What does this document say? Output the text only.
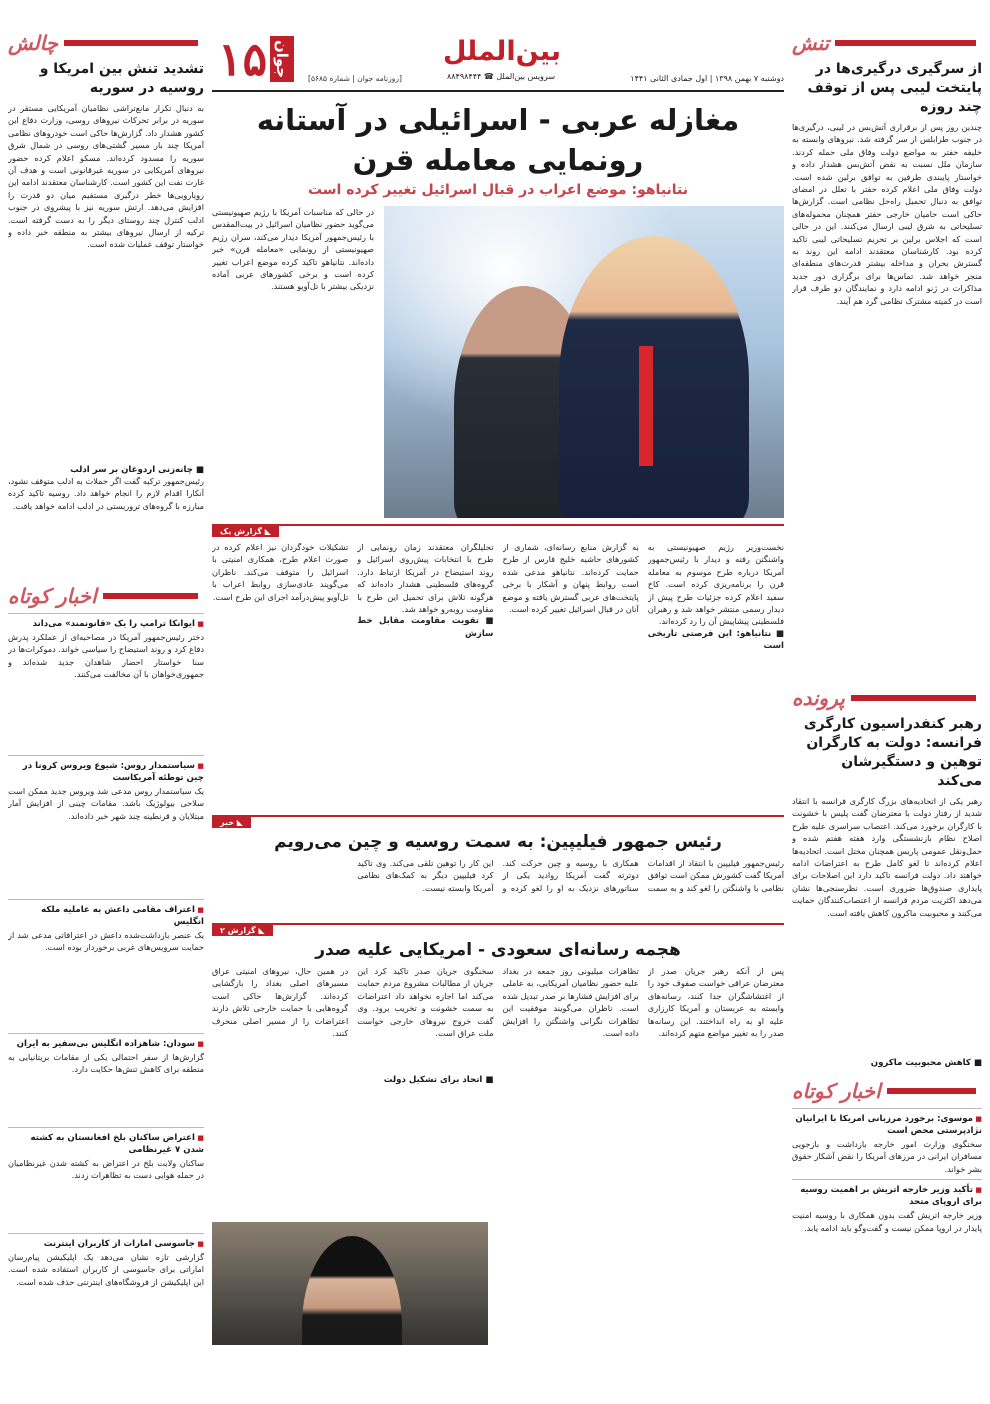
تنش
از سرگیری درگیری‌ها در پایتخت لیبی پس از توقف چند روزه
چندین روز پس از برقراری آتش‌بس در لیبی، درگیری‌ها در جنوب طرابلس از سر گرفته شد. نیروهای وابسته به خلیفه حفتر به مواضع دولت وفاق ملی حمله کردند. سازمان ملل نسبت به نقض آتش‌بس هشدار داده و خواستار پایبندی طرفین به توافق برلین شده است. دولت وفاق ملی اعلام کرده حفتر با تعلل در امضای توافق به دنبال تحمیل راه‌حل نظامی است. گزارش‌ها حاکی است حامیان خارجی حفتر همچنان محموله‌های تسلیحاتی به شرق لیبی ارسال می‌کنند. این در حالی است که اجلاس برلین بر تحریم تسلیحاتی لیبی تاکید کرده بود. کارشناسان معتقدند ادامه این روند به گسترش بحران و مداخله بیشتر قدرت‌های منطقه‌ای منجر خواهد شد. تماس‌ها برای برگزاری دور جدید مذاکرات در ژنو ادامه دارد و نمایندگان دو طرف قرار است در کمیته مشترک نظامی گرد هم آیند.
پرونده
رهبر کنفدراسیون کارگری فرانسه: دولت به کارگران توهین و دستگیرشان می‌کند
رهبر یکی از اتحادیه‌های بزرگ کارگری فرانسه با انتقاد شدید از رفتار دولت با معترضان گفت پلیس با خشونت با کارگران برخورد می‌کند. اعتصاب سراسری علیه طرح اصلاح نظام بازنشستگی وارد هفته هفتم شده و حمل‌ونقل عمومی پاریس همچنان مختل است. اتحادیه‌ها اعلام کرده‌اند تا لغو کامل طرح به اعتراضات ادامه خواهند داد. دولت فرانسه تاکید دارد این اصلاحات برای پایداری صندوق‌ها ضروری است. نظرسنجی‌ها نشان می‌دهد اکثریت مردم فرانسه از اعتصاب‌کنندگان حمایت می‌کنند و محبوبیت ماکرون کاهش یافته است.
■ کاهش محبوبیت ماکرون
اخبار کوتاه
■ موسوی: برخورد مرزبانی امریکا با ایرانیان نژادپرستی محض است
سخنگوی وزارت امور خارجه بازداشت و بازجویی مسافران ایرانی در مرزهای آمریکا را نقض آشکار حقوق بشر خواند.
■ تأکید وزیر خارجه اتریش بر اهمیت روسیه برای اروپای متحد
وزیر خارجه اتریش گفت بدون همکاری با روسیه امنیت پایدار در اروپا ممکن نیست و گفت‌وگو باید ادامه یابد.
چالش
تشدید تنش بین امریکا و روسیه در سوریه
به دنبال تکرار مانع‌تراشی نظامیان آمریکایی مستقر در سوریه در برابر تحرکات نیروهای روسی، وزارت دفاع این کشور هشدار داد. گزارش‌ها حاکی است خودروهای نظامی آمریکا چند بار مسیر گشتی‌های روسی در شمال شرق سوریه را مسدود کرده‌اند. مسکو اعلام کرده حضور نیروهای آمریکایی در سوریه غیرقانونی است و هدف آن غارت نفت این کشور است. کارشناسان معتقدند ادامه این رویارویی‌ها خطر درگیری مستقیم میان دو قدرت را افزایش می‌دهد. ارتش سوریه نیز با پیشروی در جنوب ادلب کنترل چند روستای دیگر را به دست گرفته است. ترکیه از ارسال نیروهای بیشتر به منطقه خبر داده و خواستار توقف عملیات شده است.
■ چانه‌زنی اردوغان بر سر ادلب
رئیس‌جمهور ترکیه گفت اگر حملات به ادلب متوقف نشود، آنکارا اقدام لازم را انجام خواهد داد. روسیه تاکید کرده مبارزه با گروه‌های تروریستی در ادلب ادامه خواهد یافت.
اخبار کوتاه
■ ایوانکا ترامپ را یک «قانونمند» می‌داند
دختر رئیس‌جمهور آمریکا در مصاحبه‌ای از عملکرد پدرش دفاع کرد و روند استیضاح را سیاسی خواند. دموکرات‌ها در سنا خواستار احضار شاهدان جدید شده‌اند و جمهوری‌خواهان با آن مخالفت می‌کنند.
■ سیاستمدار روس: شیوع ویروس کرونا در چین توطئه آمریکاست
یک سیاستمدار روس مدعی شد ویروس جدید ممکن است سلاحی بیولوژیک باشد. مقامات چینی از افزایش آمار مبتلایان و قرنطینه چند شهر خبر داده‌اند.
■ اعتراف مقامی داعش به عاملیه ملکه انگلیس
یک عنصر بازداشت‌شده داعش در اعترافاتی مدعی شد از حمایت سرویس‌های غربی برخوردار بوده است.
■ سودان: شاهزاده انگلیس بی‌سفیر به ایران
گزارش‌ها از سفر احتمالی یکی از مقامات بریتانیایی به منطقه برای کاهش تنش‌ها حکایت دارد.
■ اعتراض ساکنان بلخ افغانستان به کشته شدن ۷ غیرنظامی
ساکنان ولایت بلخ در اعتراض به کشته شدن غیرنظامیان در حمله هوایی دست به تظاهرات زدند.
■ جاسوسی امارات از کاربران اینترنت
گزارشی تازه نشان می‌دهد یک اپلیکیشن پیام‌رسان اماراتی برای جاسوسی از کاربران استفاده شده است. این اپلیکیشن از فروشگاه‌های اینترنتی حذف شده است.
جوان
۱۵	[روزنامه جوان | شماره ۵۶۸۵]
بین‌الملل
سرویس بین‌الملل ☎ ۸۸۴۹۸۴۴۴	دوشنبه ۷ بهمن ۱۳۹۸ | اول جمادی الثانی ۱۴۴۱
مغازله عربی - اسرائیلی در آستانه رونمایی معامله قرن
نتانیاهو: موضع اعراب در قبال اسرائیل تغییر کرده است
در حالی که مناسبات آمریکا با رژیم صهیونیستی می‌گوید حضور نظامیان اسرائیل در بیت‌المقدس با رئیس‌جمهور آمریکا دیدار می‌کند، سران رژیم صهیونیستی از رونمایی «معامله قرن» خبر داده‌اند. نتانیاهو تاکید کرده موضع اعراب تغییر کرده است و برخی کشورهای عربی آماده نزدیکی بیشتر با تل‌آویو هستند.
◣ گزارش یک
نخست‌وزیر رژیم صهیونیستی به واشنگتن رفته و دیدار با رئیس‌جمهور آمریکا درباره طرح موسوم به معامله قرن را برنامه‌ریزی کرده است. کاخ سفید اعلام کرده جزئیات طرح پیش از دیدار رسمی منتشر خواهد شد و رهبران فلسطینی پیشاپیش آن را رد کرده‌اند.
■ نتانیاهو: این فرصتی تاریخی است
به گزارش منابع رسانه‌ای، شماری از کشورهای حاشیه خلیج فارس از طرح حمایت کرده‌اند. نتانیاهو مدعی شده است روابط پنهان و آشکار با برخی پایتخت‌های عربی گسترش یافته و موضع آنان در قبال اسرائیل تغییر کرده است.
تحلیلگران معتقدند زمان رونمایی از طرح با انتخابات پیش‌روی اسرائیل و روند استیضاح در آمریکا ارتباط دارد. گروه‌های فلسطینی هشدار داده‌اند که هرگونه تلاش برای تحمیل این طرح با مقاومت روبه‌رو خواهد شد.
■ تقویت مقاومت مقابل خط سازش
تشکیلات خودگردان نیز اعلام کرده در صورت اعلام طرح، همکاری امنیتی با اسرائیل را متوقف می‌کند. ناظران می‌گویند عادی‌سازی روابط اعراب با تل‌آویو پیش‌درآمد اجرای این طرح است.
◣ خبر
رئیس جمهور فیلیپین: به سمت روسیه و چین می‌رویم
رئیس‌جمهور فیلیپین با انتقاد از اقدامات آمریکا گفت کشورش ممکن است توافق نظامی با واشنگتن را لغو کند و به سمت همکاری با روسیه و چین حرکت کند. دوترته گفت آمریکا روادید یکی از سناتورهای نزدیک به او را لغو کرده و این کار را توهین تلقی می‌کند. وی تاکید کرد فیلیپین دیگر به کمک‌های نظامی آمریکا وابسته نیست.
◣ گزارش ۲
هجمه رسانه‌ای سعودی - امریکایی علیه صدر
پس از آنکه رهبر جریان صدر از معترضان عراقی خواست صفوف خود را از اغتشاشگران جدا کنند، رسانه‌های وابسته به عربستان و آمریکا کارزاری علیه او به راه انداختند. این رسانه‌ها صدر را به تغییر مواضع متهم کرده‌اند.
تظاهرات میلیونی روز جمعه در بغداد علیه حضور نظامیان آمریکایی، به عاملی برای افزایش فشارها بر صدر تبدیل شده است. ناظران می‌گویند موفقیت این تظاهرات نگرانی واشنگتن را افزایش داده است.
سخنگوی جریان صدر تاکید کرد این جریان از مطالبات مشروع مردم حمایت می‌کند اما اجازه نخواهد داد اعتراضات به سمت خشونت و تخریب برود. وی گفت خروج نیروهای خارجی خواست ملت عراق است.
■ اتحاد برای تشکیل دولت
در همین حال، نیروهای امنیتی عراق مسیرهای اصلی بغداد را بازگشایی کرده‌اند. گزارش‌ها حاکی است گروه‌هایی با حمایت خارجی تلاش دارند اعتراضات را از مسیر اصلی منحرف کنند.
